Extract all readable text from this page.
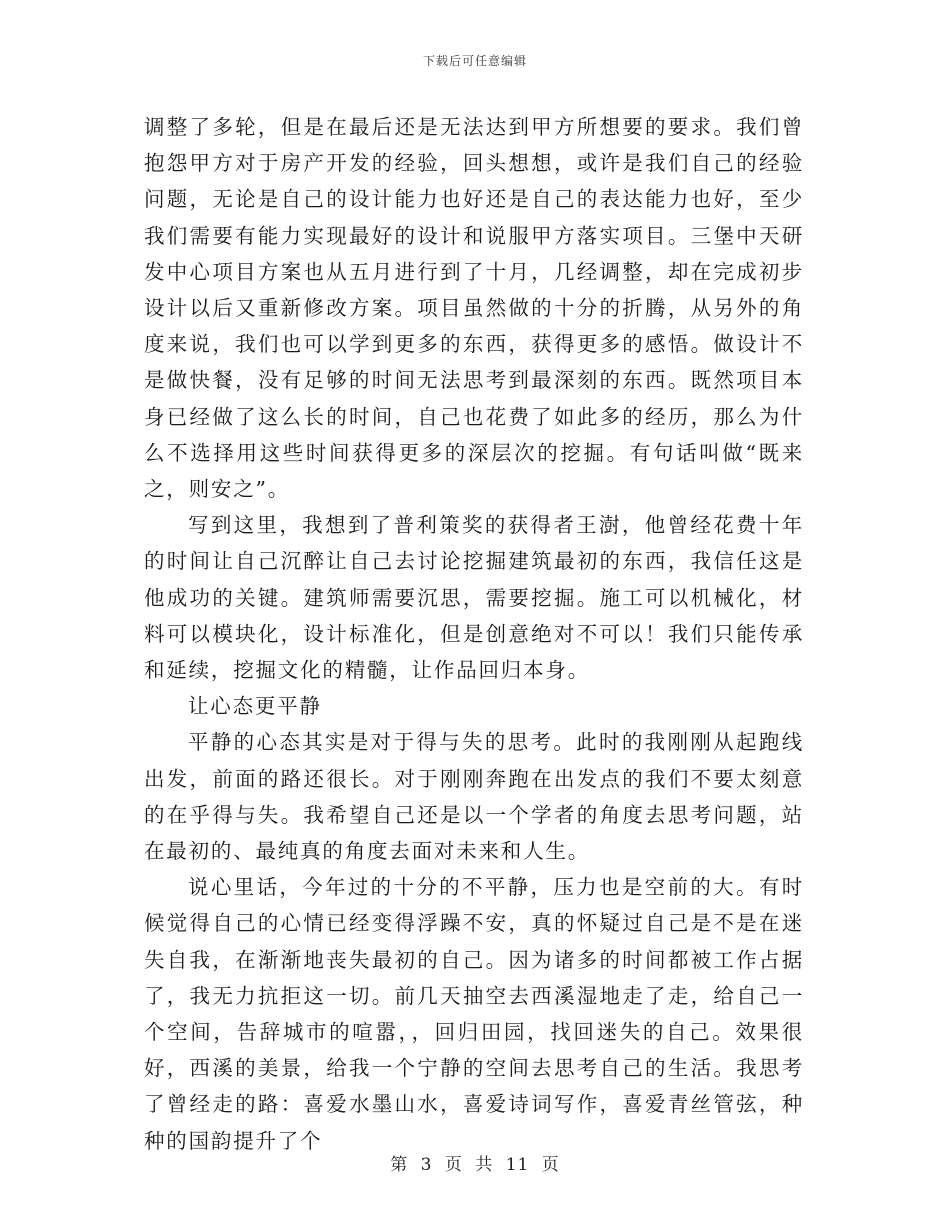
下载后可任意编辑

调整了多轮，但是在最后还是无法达到甲方所想要的要求。我们曾抱怨甲方对于房产开发的经验，回头想想，或许是我们自己的经验问题，无论是自己的设计能力也好还是自己的表达能力也好，至少我们需要有能力实现最好的设计和说服甲方落实项目。三堡中天研发中心项目方案也从五月进行到了十月，几经调整，却在完成初步设计以后又重新修改方案。项目虽然做的十分的折腾，从另外的角度来说，我们也可以学到更多的东西，获得更多的感悟。做设计不是做快餐，没有足够的时间无法思考到最深刻的东西。既然项目本身已经做了这么长的时间，自己也花费了如此多的经历，那么为什么不选择用这些时间获得更多的深层次的挖掘。有句话叫做“既来之，则安之”。

写到这里，我想到了普利策奖的获得者王澍，他曾经花费十年的时间让自己沉醉让自己去讨论挖掘建筑最初的东西，我信任这是他成功的关键。建筑师需要沉思，需要挖掘。施工可以机械化，材料可以模块化，设计标准化，但是创意绝对不可以！我们只能传承和延续，挖掘文化的精髓，让作品回归本身。

让心态更平静

平静的心态其实是对于得与失的思考。此时的我刚刚从起跑线出发，前面的路还很长。对于刚刚奔跑在出发点的我们不要太刻意的在乎得与失。我希望自己还是以一个学者的角度去思考问题，站在最初的、最纯真的角度去面对未来和人生。

说心里话，今年过的十分的不平静，压力也是空前的大。有时候觉得自己的心情已经变得浮躁不安，真的怀疑过自己是不是在迷失自我，在渐渐地丧失最初的自己。因为诸多的时间都被工作占据了，我无力抗拒这一切。前几天抽空去西溪湿地走了走，给自己一个空间，告辞城市的喧嚣，，回归田园，找回迷失的自己。效果很好，西溪的美景，给我一个宁静的空间去思考自己的生活。我思考了曾经走的路：喜爱水墨山水，喜爱诗词写作，喜爱青丝管弦，种种的国韵提升了个

第 3 页 共 11 页
